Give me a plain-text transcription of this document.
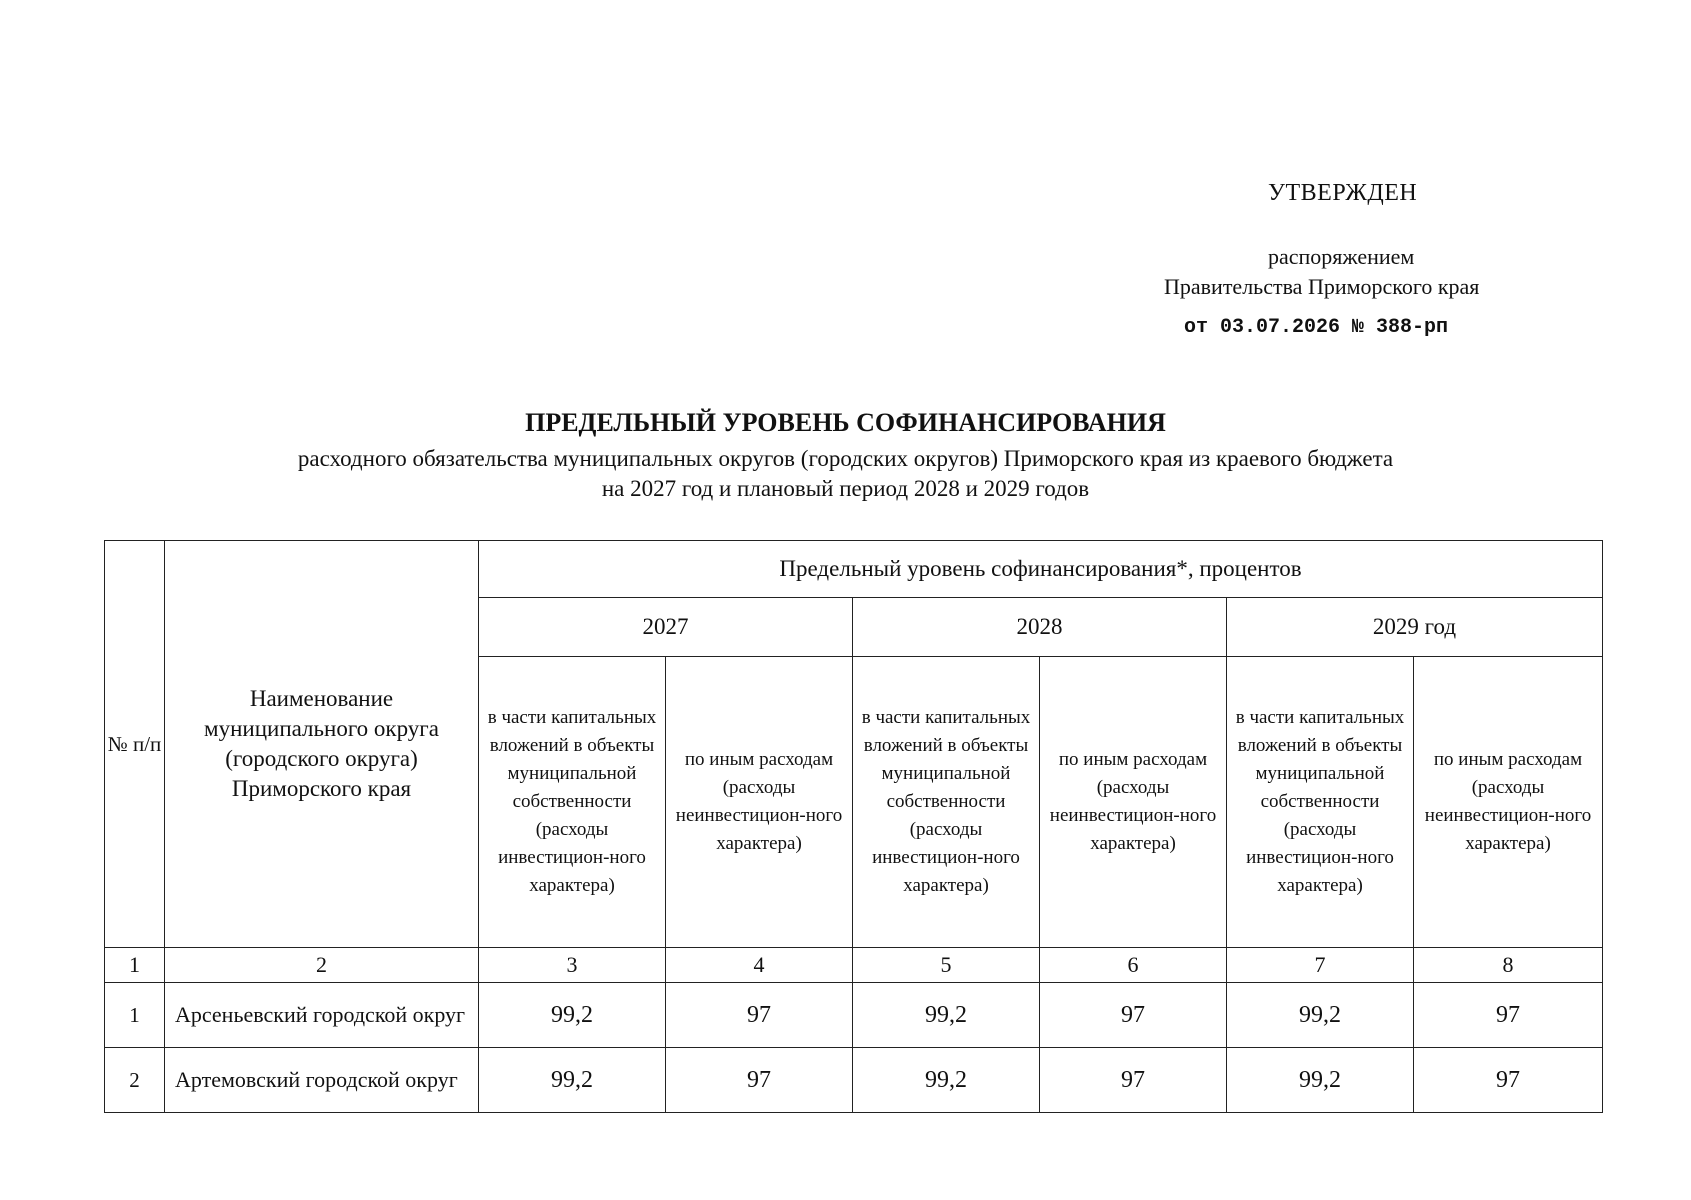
УТВЕРЖДЕН
распоряжением
Правительства Приморского края
от 03.07.2026 № 388-рп
ПРЕДЕЛЬНЫЙ УРОВЕНЬ СОФИНАНСИРОВАНИЯ
расходного обязательства муниципальных округов (городских округов) Приморского края из краевого бюджета
на 2027 год и плановый период 2028 и 2029 годов
№ п/п	Наименование муниципального округа (городского округа) Приморского края	Предельный уровень софинансирования*, процентов					
		2027		2028		2029 год	
		в части капитальных вложений в объекты муниципальной собственности (расходы инвестицион-ного характера)	по иным расходам (расходы неинвестицион-ного характера)	в части капитальных вложений в объекты муниципальной собственности (расходы инвестицион-ного характера)	по иным расходам (расходы неинвестицион-ного характера)	в части капитальных вложений в объекты муниципальной собственности (расходы инвестицион-ного характера)	по иным расходам (расходы неинвестицион-ного характера)
1	2	3	4	5	6	7	8
1	Арсеньевский городской округ	99,2	97	99,2	97	99,2	97
2	Артемовский городской округ	99,2	97	99,2	97	99,2	97
